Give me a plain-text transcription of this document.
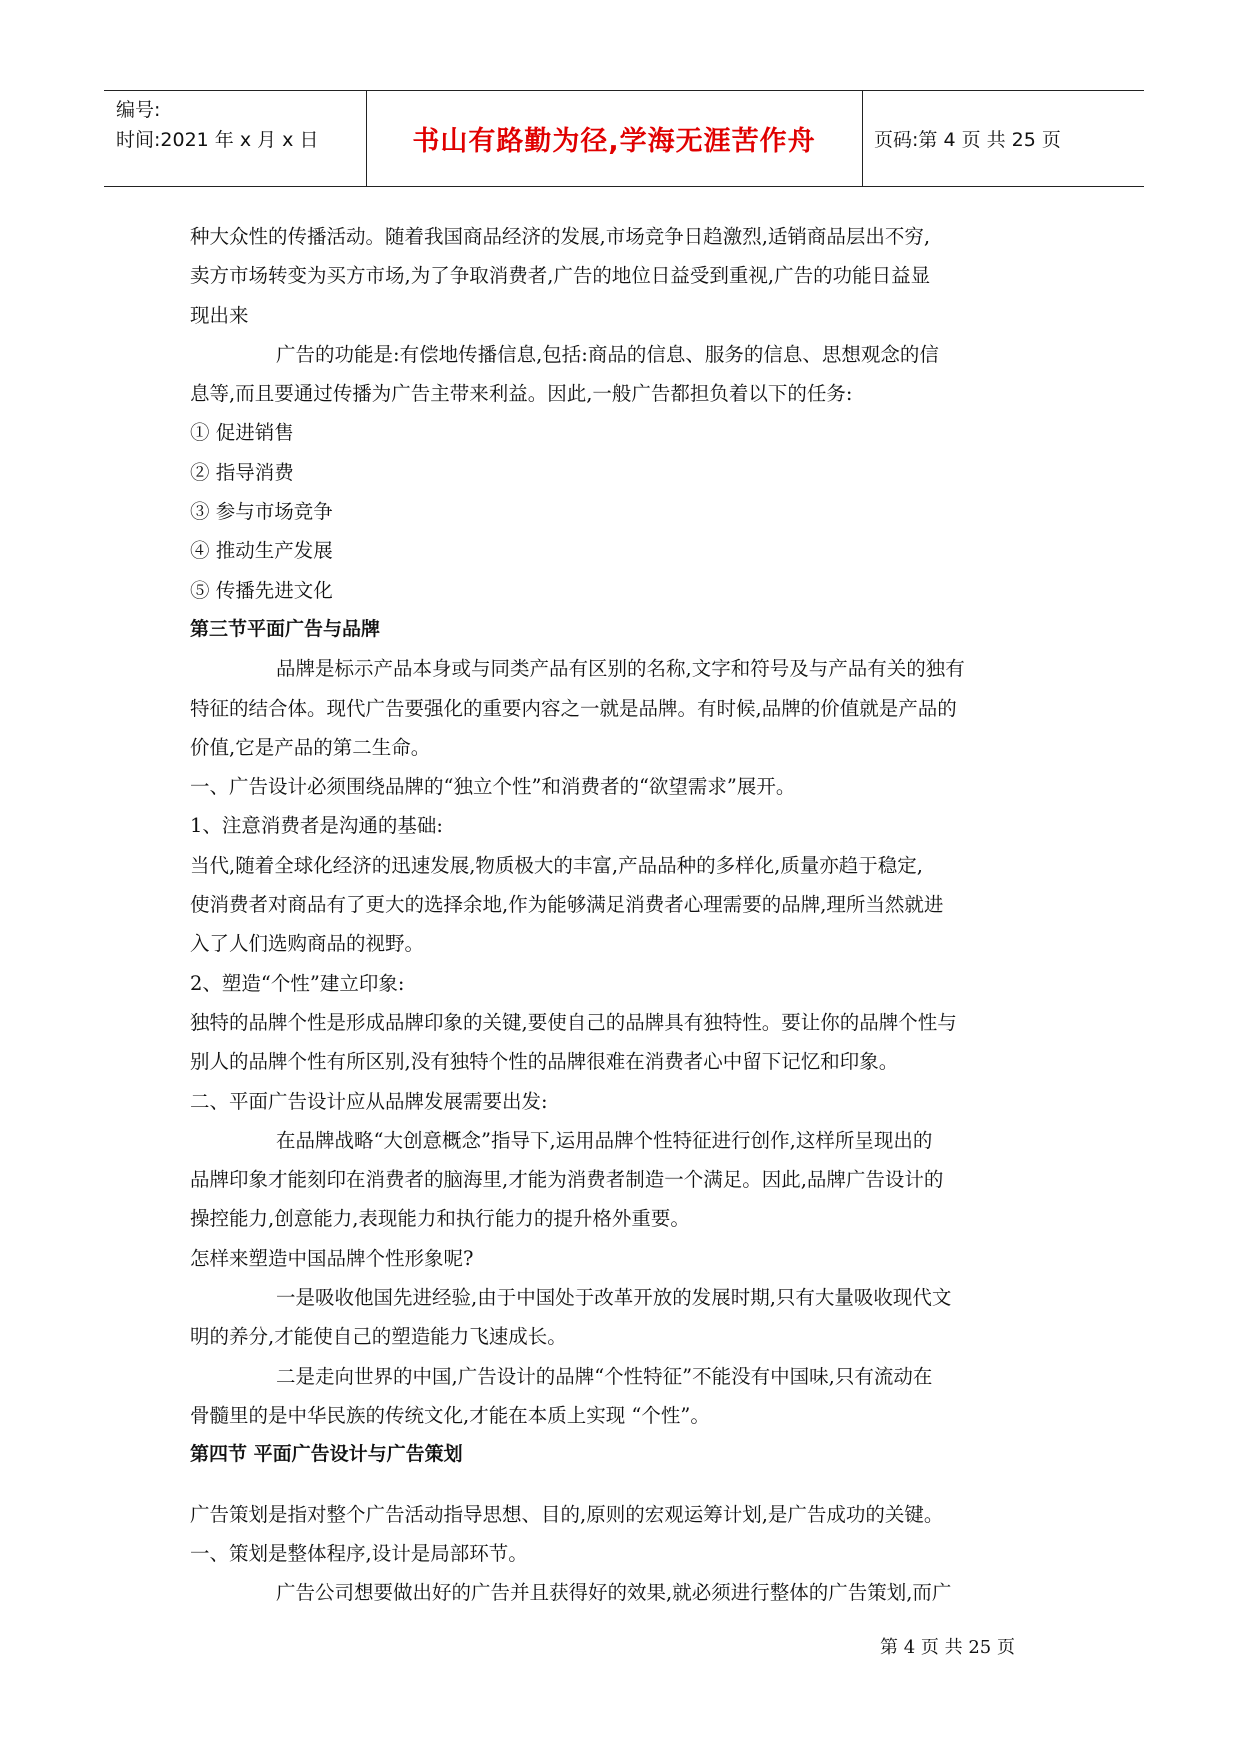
编号:
时间:2021 年 x 月 x 日	书山有路勤为径,学海无涯苦作舟	页码:第 4 页 共 25 页
种大众性的传播活动。随着我国商品经济的发展,市场竞争日趋激烈,适销商品层出不穷,
卖方市场转变为买方市场,为了争取消费者,广告的地位日益受到重视,广告的功能日益显
现出来
广告的功能是:有偿地传播信息,包括:商品的信息、服务的信息、思想观念的信
息等,而且要通过传播为广告主带来利益。因此,一般广告都担负着以下的任务:
① 促进销售
② 指导消费
③ 参与市场竞争
④ 推动生产发展
⑤ 传播先进文化
第三节平面广告与品牌
品牌是标示产品本身或与同类产品有区别的名称,文字和符号及与产品有关的独有
特征的结合体。现代广告要强化的重要内容之一就是品牌。有时候,品牌的价值就是产品的
价值,它是产品的第二生命。
一、广告设计必须围绕品牌的“独立个性”和消费者的“欲望需求”展开。
1、注意消费者是沟通的基础:
当代,随着全球化经济的迅速发展,物质极大的丰富,产品品种的多样化,质量亦趋于稳定,
使消费者对商品有了更大的选择余地,作为能够满足消费者心理需要的品牌,理所当然就进
入了人们选购商品的视野。
2、塑造“个性”建立印象:
独特的品牌个性是形成品牌印象的关键,要使自己的品牌具有独特性。要让你的品牌个性与
别人的品牌个性有所区别,没有独特个性的品牌很难在消费者心中留下记忆和印象。
二、平面广告设计应从品牌发展需要出发:
在品牌战略“大创意概念”指导下,运用品牌个性特征进行创作,这样所呈现出的
品牌印象才能刻印在消费者的脑海里,才能为消费者制造一个满足。因此,品牌广告设计的
操控能力,创意能力,表现能力和执行能力的提升格外重要。
怎样来塑造中国品牌个性形象呢?
一是吸收他国先进经验,由于中国处于改革开放的发展时期,只有大量吸收现代文
明的养分,才能使自己的塑造能力飞速成长。
二是走向世界的中国,广告设计的品牌“个性特征”不能没有中国味,只有流动在
骨髓里的是中华民族的传统文化,才能在本质上实现 “个性”。
第四节 平面广告设计与广告策划
广告策划是指对整个广告活动指导思想、目的,原则的宏观运筹计划,是广告成功的关键。
一、策划是整体程序,设计是局部环节。
广告公司想要做出好的广告并且获得好的效果,就必须进行整体的广告策划,而广
第 4 页 共 25 页
